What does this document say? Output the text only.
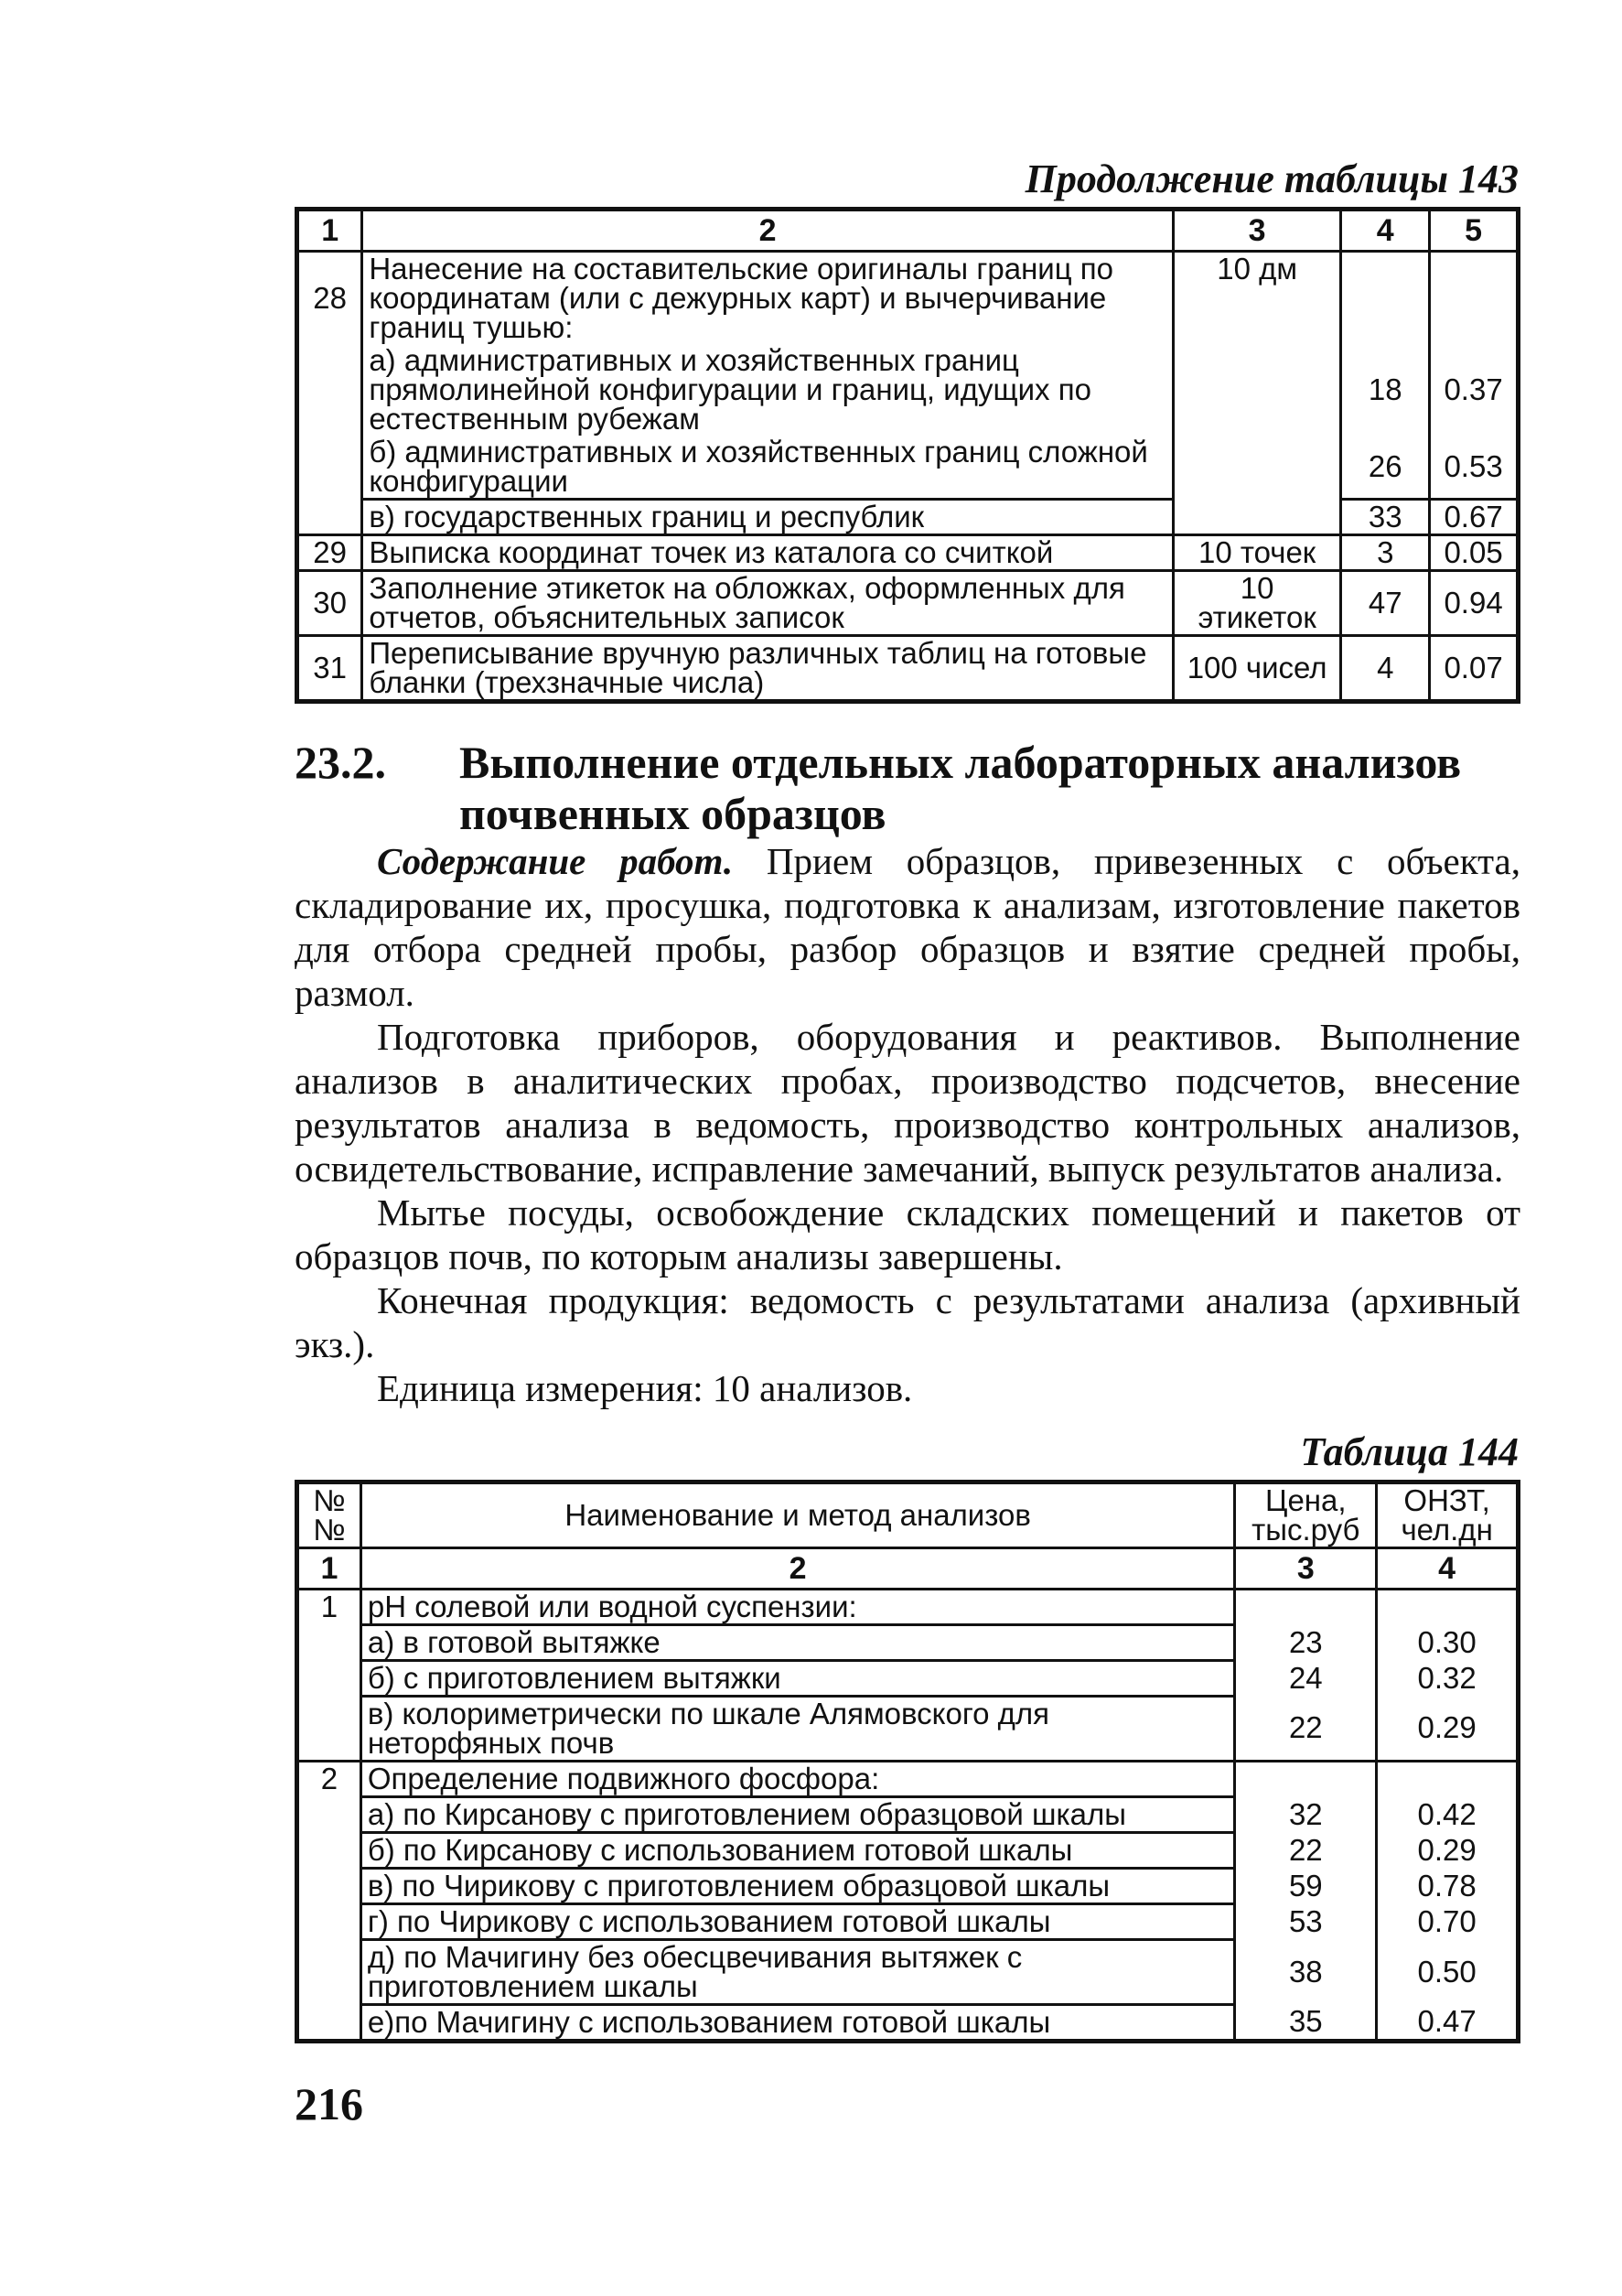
Продолжение таблицы 143
1	2	3	4	5
28	Нанесение на составительские оригиналы границ по координатам (или с дежурных карт) и вычерчивание границ тушью:	10 дм		
	а) административных и хозяйственных границ прямолинейной конфигурации и границ, идущих по естественным рубежам		18	0.37
	б) административных и хозяйственных границ сложной конфигурации		26	0.53
	в) государственных границ и республик		33	0.67
29	Выписка координат точек из каталога со считкой	10 точек	3	0.05
30	Заполнение этикеток на обложках, оформленных для отчетов, объяснительных записок	10 этикеток	47	0.94
31	Переписывание вручную различных таблиц на готовые бланки (трехзначные числа)	100 чисел	4	0.07
23.2.	Выполнение отдельных лабораторных анализов почвенных образцов

Содержание работ. Прием образцов, привезенных с объекта, складирование их, просушка, подготовка к анализам, изготовление пакетов для отбора средней пробы, разбор образцов и взятие средней пробы, размол.

Подготовка приборов, оборудования и реактивов. Выполнение анализов в аналитических пробах, производство подсчетов, внесение результатов анализа в ведомость, производство контрольных анализов, освидетельствование, исправление замечаний, выпуск результатов анализа.

Мытье посуды, освобождение складских помещений и пакетов от образцов почв, по которым анализы завершены.

Конечная продукция: ведомость с результатами анализа (архивный экз.).

Единица измерения: 10 анализов.

Таблица 144
№ №	Наименование и метод анализов	Цена, тыс.руб	ОНЗТ, чел.дн
1	2	3	4
1	рН солевой или водной суспензии:		
	а) в готовой вытяжке	23	0.30
	б) с приготовлением вытяжки	24	0.32
	в) колориметрически по шкале Алямовского для неторфяных почв	22	0.29
2	Определение подвижного фосфора:		
	а) по Кирсанову с приготовлением образцовой шкалы	32	0.42
	б) по Кирсанову с использованием готовой шкалы	22	0.29
	в) по Чирикову с приготовлением образцовой шкалы	59	0.78
	г) по Чирикову с использованием готовой шкалы	53	0.70
	д) по Мачигину без обесцвечивания вытяжек с приготовлением шкалы	38	0.50
	е)по Мачигину с использованием готовой шкалы	35	0.47
216
